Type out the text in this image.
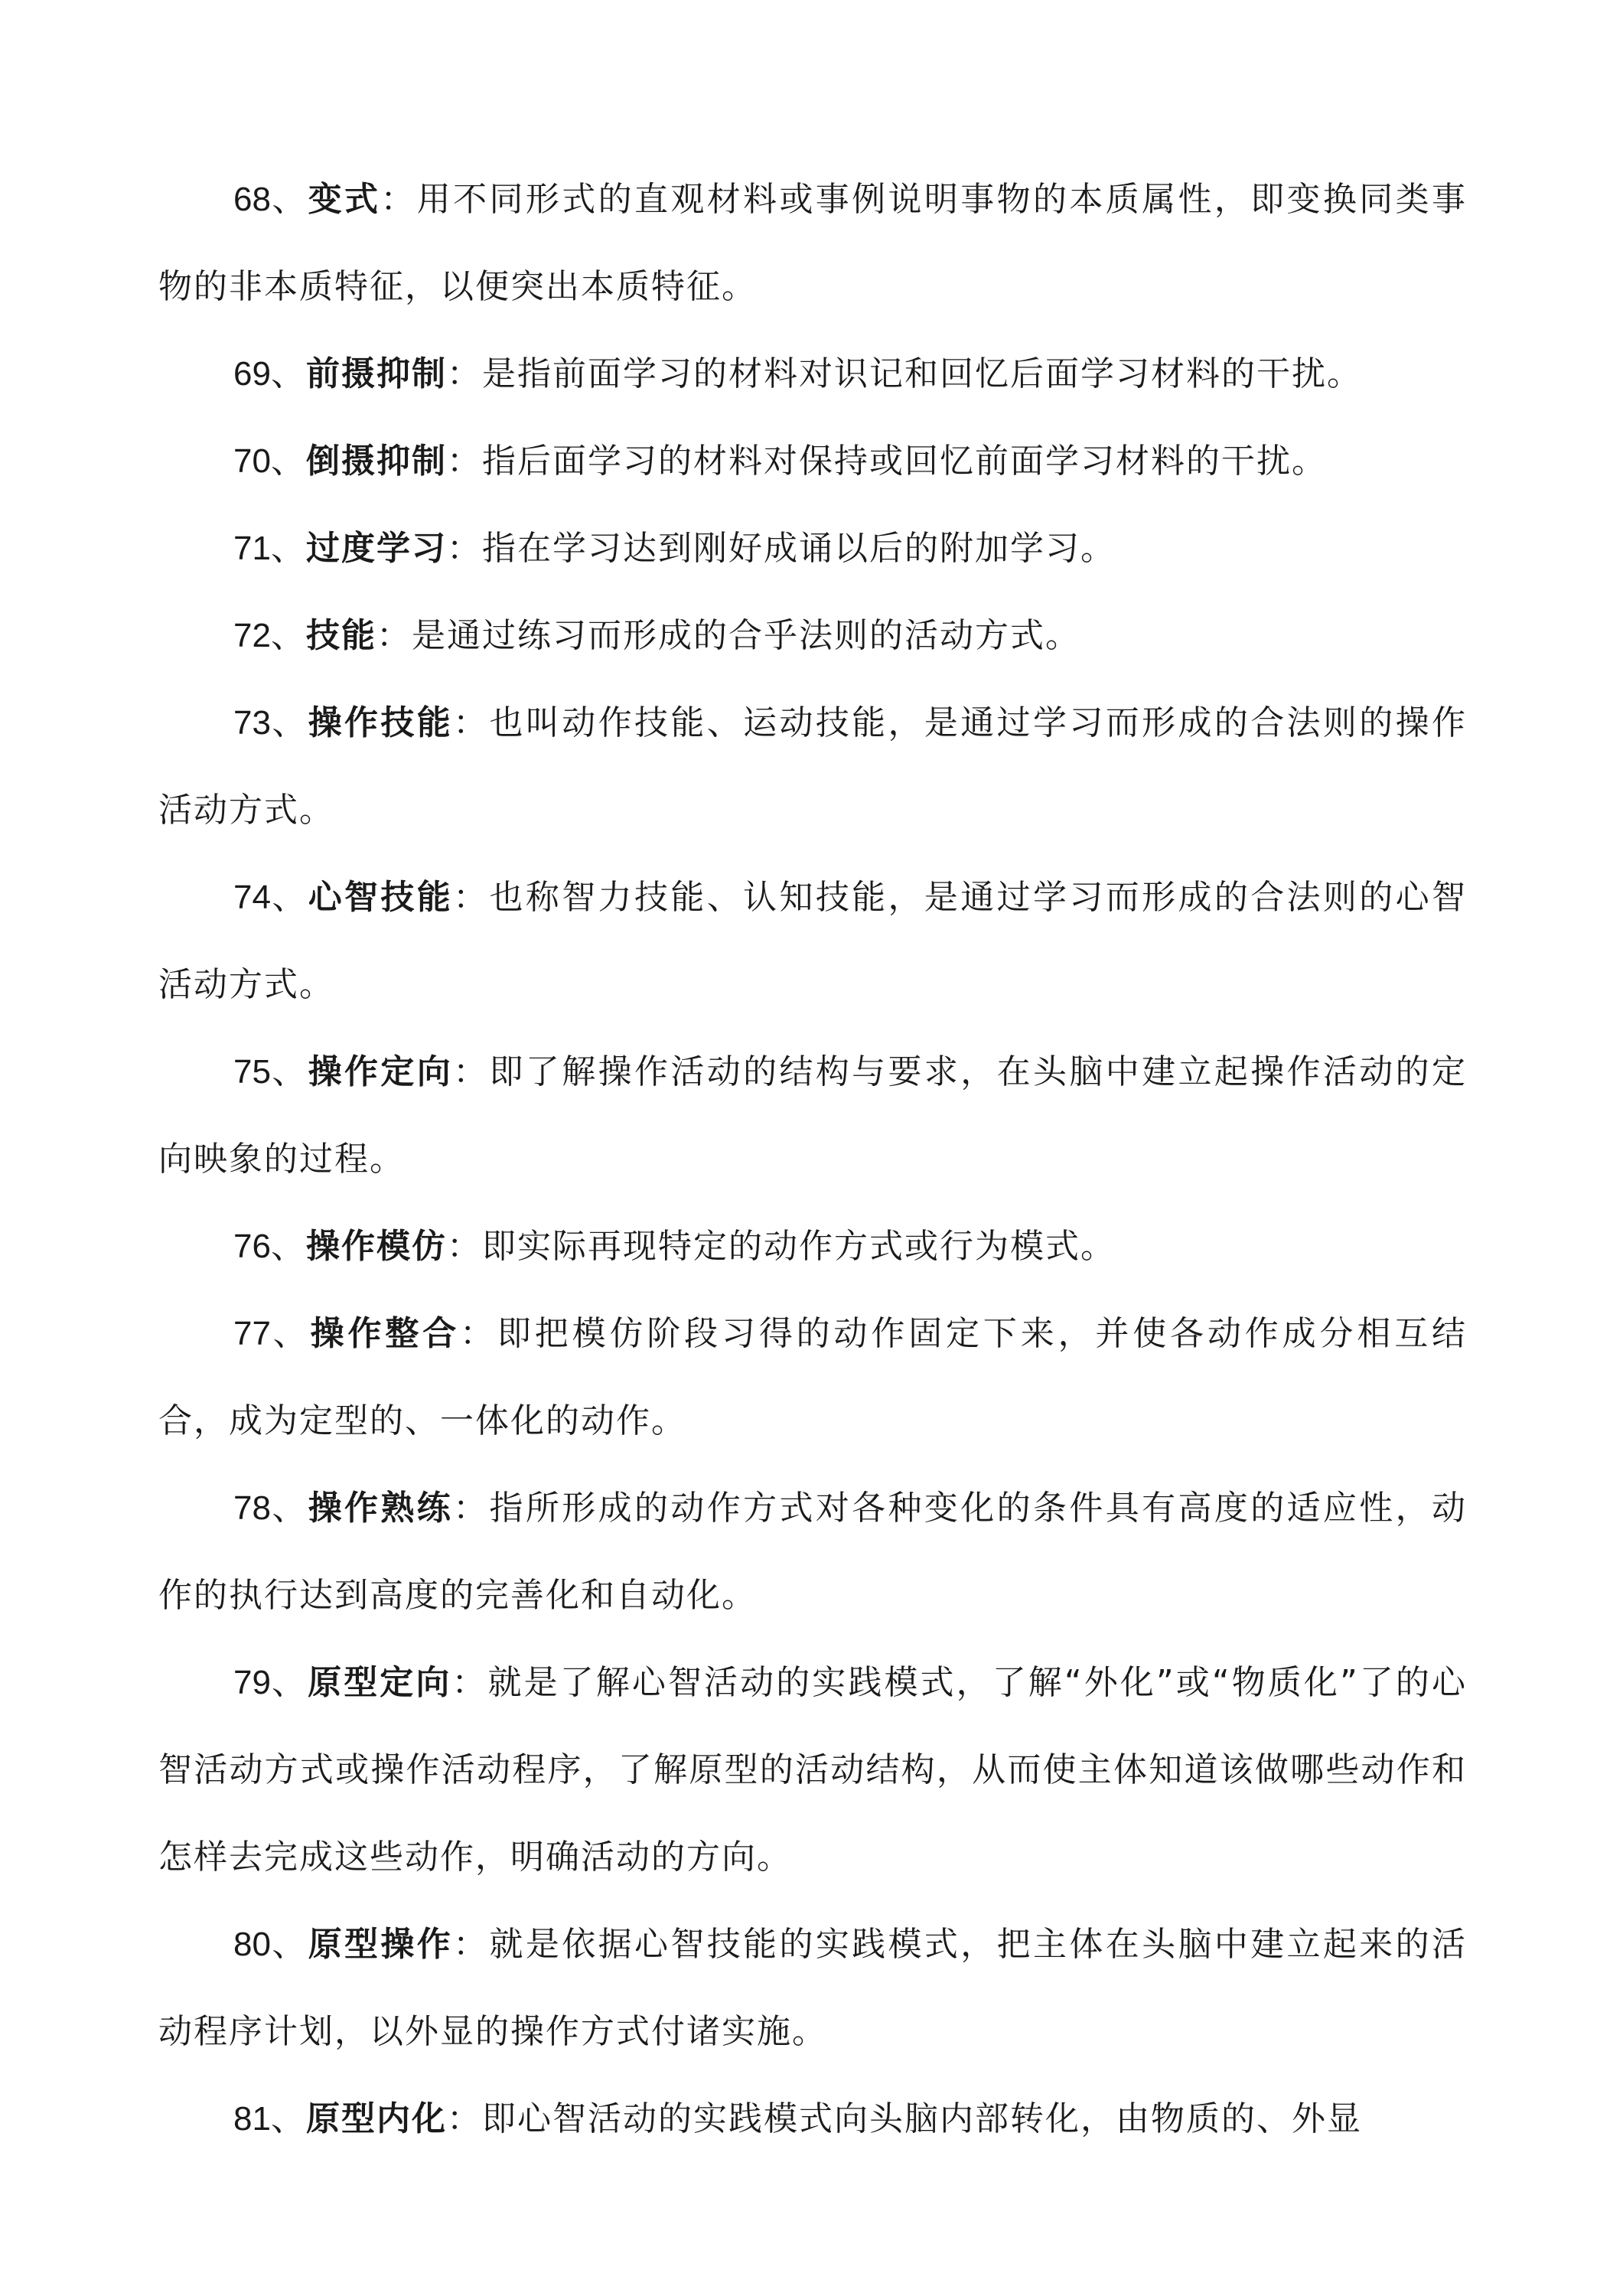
68、变式：用不同形式的直观材料或事例说明事物的本质属性，即变换同类事物的非本质特征，以便突出本质特征。

69、前摄抑制：是指前面学习的材料对识记和回忆后面学习材料的干扰。

70、倒摄抑制：指后面学习的材料对保持或回忆前面学习材料的干扰。

71、过度学习：指在学习达到刚好成诵以后的附加学习。

72、技能：是通过练习而形成的合乎法则的活动方式。

73、操作技能：也叫动作技能、运动技能，是通过学习而形成的合法则的操作活动方式。

74、心智技能：也称智力技能、认知技能，是通过学习而形成的合法则的心智活动方式。

75、操作定向：即了解操作活动的结构与要求，在头脑中建立起操作活动的定向映象的过程。

76、操作模仿：即实际再现特定的动作方式或行为模式。

77、操作整合：即把模仿阶段习得的动作固定下来，并使各动作成分相互结合，成为定型的、一体化的动作。

78、操作熟练：指所形成的动作方式对各种变化的条件具有高度的适应性，动作的执行达到高度的完善化和自动化。

79、原型定向：就是了解心智活动的实践模式，了解“外化”或“物质化”了的心智活动方式或操作活动程序，了解原型的活动结构，从而使主体知道该做哪些动作和怎样去完成这些动作，明确活动的方向。

80、原型操作：就是依据心智技能的实践模式，把主体在头脑中建立起来的活动程序计划，以外显的操作方式付诸实施。

81、原型内化：即心智活动的实践模式向头脑内部转化，由物质的、外显
